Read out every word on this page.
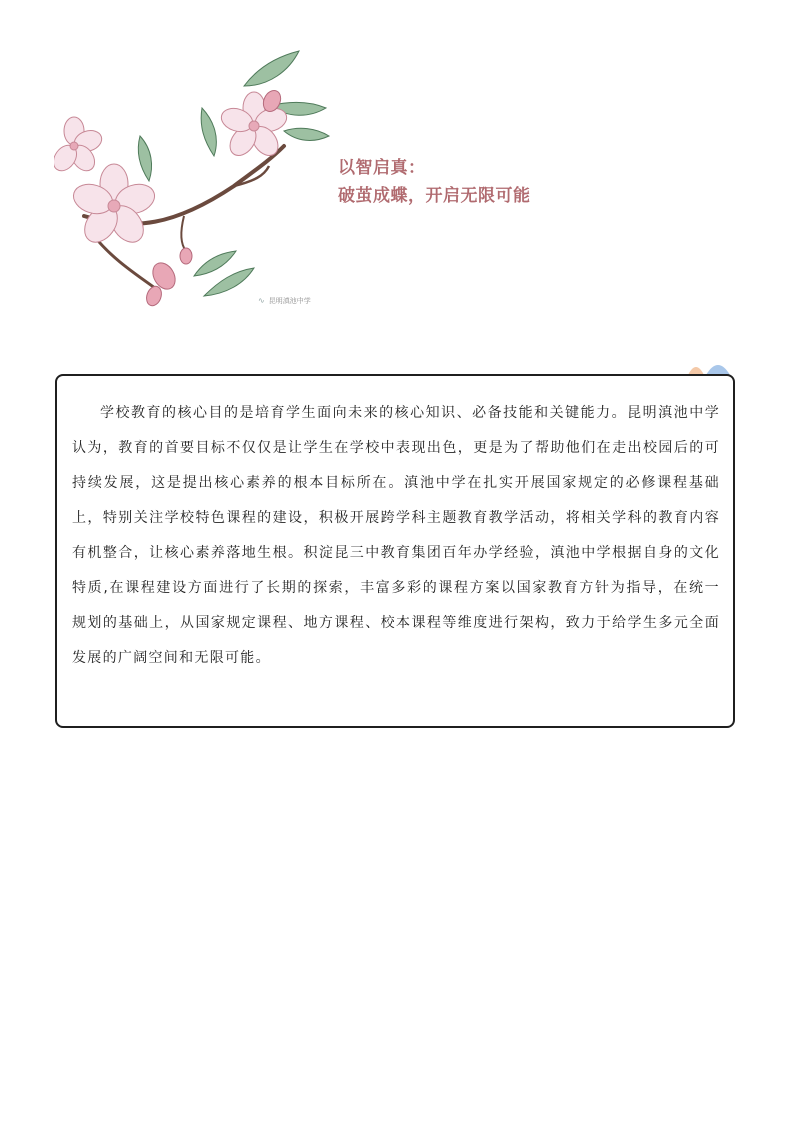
∿ 昆明滇池中学
以智启真：
破茧成蝶，开启无限可能

学校教育的核心目的是培育学生面向未来的核心知识、必备技能和关键能力。昆明滇池中学认为，教育的首要目标不仅仅是让学生在学校中表现出色，更是为了帮助他们在走出校园后的可持续发展，这是提出核心素养的根本目标所在。滇池中学在扎实开展国家规定的必修课程基础上，特别关注学校特色课程的建设，积极开展跨学科主题教育教学活动，将相关学科的教育内容有机整合，让核心素养落地生根。积淀昆三中教育集团百年办学经验，滇池中学根据自身的文化特质,在课程建设方面进行了长期的探索，丰富多彩的课程方案以国家教育方针为指导，在统一规划的基础上，从国家规定课程、地方课程、校本课程等维度进行架构，致力于给学生多元全面发展的广阔空间和无限可能。
